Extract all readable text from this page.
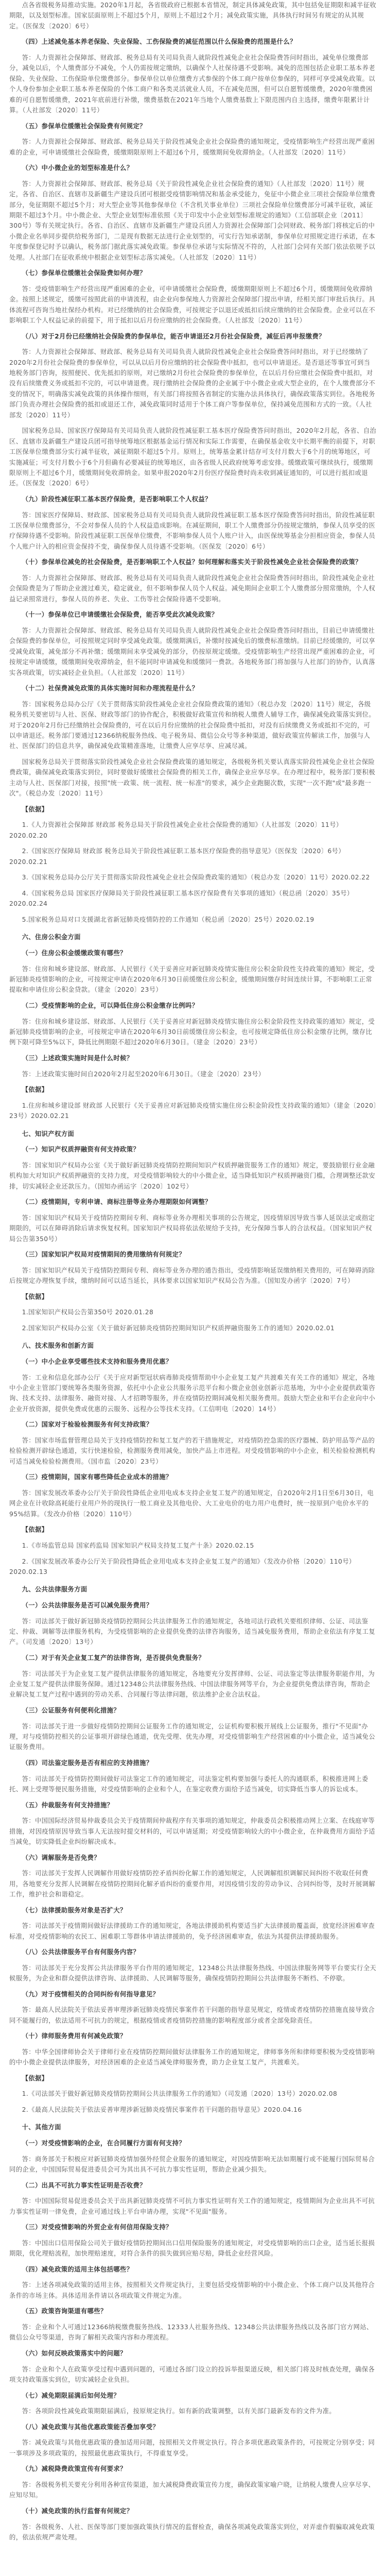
点各省级税务局推动实施。2020年1月起，各省级政府已根据本省情况，制定具体减免政策，其中包括免征期限和减半征收期限，以及划型标准。国家层面原则上不超过5个月，原则上不超过2个月；减免政策实施，具体执行时间另有规定的从其规定。（医保发〔2020〕6号）

（四）上述减免基本养老保险、失业保险、工伤保险费的减征范围以什么保险费的范围是什么？

答：人力资源社会保障部、财政部、税务总局有关司局负责人就阶段性减免企业社会保险费答问时指出，减免单位缴费部分，减免以后，个人缴费部分不减免，个人仍需按规定缴纳，以确保个人社保待遇不受影响。减免的范围包括企业职工基本养老保险、失业保险、工伤保险单位缴费部分。参保单位以单位缴费方式参保的个体工商户按单位参保的，同样可享受减免政策。以个人身份参加企业职工基本养老保险的个体工商户和各类灵活就业人员，不在减免范围，但可以自愿暂缓缴费，2020年缴费困难的可自愿暂缓缴费，2021年底前进行补缴，缴费基数在2021年当地个人缴费基数上下限范围内自主选择，缴费年限累计计算。（人社部发〔2020〕11号）

（五）参保单位缓缴社会保险费有何规定？

答：人力资源社会保障部、财政部、税务总局关于阶段性减免企业社会保险费的通知规定，受疫情影响生产经营出现严重困难的企业，可申请缓缴社会保险费，缓缴期限原则上不超过6个月，缓缴期间免收滞纳金。（人社部发〔2020〕11号）

（六）中小微企业的划型标准是什么？

答：人力资源社会保障部、财政部、税务总局《关于阶段性减免企业社会保险费的通知》（人社部发〔2020〕11号）规定，各省、自治区、直辖市及新疆生产建设兵团可根据受疫情影响情况和基金承受能力，免征中小微企业三项社会保险单位缴费部分，免征期限不超过5个月；对大型企业等其他参保单位（不含机关事业单位）三项社会保险单位缴费部分可减半征收，减征期限不超过3个月。中小微企业、大型企业划型标准依照《关于印发中小企业划型标准规定的通知》（工信部联企业〔2011〕300号）等有关规定执行。各省、自治区、直辖市及新疆生产建设兵团人力资源社会保障部门会同财政、税务部门将核定后的中小微企业名单同步提供给税务部门，二是现有数据无法进行企业划型的，可实行告知承诺制，参保单位对照规定进行承诺，在本年度参保登记时予以确认，税务部门据此落实减免政策。参保单位承诺与实际情况不符的，人社部门会同有关部门依法依规予以处理。人社部门在征收系统中根据企业划型标志落实减免。（人社部发〔2020〕11号）

（七）参保单位缓缴社会保险费如何办理？

答：受疫情影响生产经营出现严重困难的企业，可申请缓缴社会保险费，缓缴期限原则上不超过6个月，缓缴期间免收滞纳金。按照上述规定，缓缴可按照此前的申请流程，由企业向参保地人力资源社会保障部门提出申请，经相关部门审批后执行。具体流程可咨询当地社保经办机构。对已经缴纳的社会保险费，可按规定予以退还或抵扣后续应缴纳的社会保险费。企业可以在不影响职工个人权益记录的前提下，用于抵扣以后月份应缴纳的社会保险费。（人社部发〔2020〕11号）

（八）对于2月份已经缴纳社会保险费的参保单位，能否申请退还2月份社会保险费，减征后再申报缴费？

答：人力资源社会保障部、财政部、税务总局有关司局负责人就阶段性减免企业社会保险费答问时指出，对于已经缴纳了2020年2月份社会保险费的参保单位，可以从以后月份应缴纳的社会保险费中抵扣，也可以申请退还。是否退还等事宜可到当地税务部门咨询，按照便民、优先抵扣的原则，对已缴纳2月份社会保险费的参保单位，在以后月份应缴社会保险费中抵扣，对没有后续缴费义务或抵扣不完的，可以申请退费。现行缴纳社会保险费的企业属于中小微企业或大型企业的，在个人缴费部分不变的情况下，明确落实减免政策的具体操作细则，有关部门将按照各省制定的实施办法具体执行，确保政策落实到位。各地税务部门负责办理社会保险费的抵扣或退还工作，减免政策同时适用于个体工商户等参保单位，保持减免范围和方式的一致。（人社部发〔2020〕11号）

国家税务总局、国家医疗保障局有关司局负责人就阶段性减征职工基本医疗保险费答问时指出，2020年2月起，各省、自治区、直辖市及新疆生产建设兵团可指导统筹地区根据基金运行情况和实际工作需要，在确保基金收支中长期平衡的前提下，对职工医保单位缴费部分实行减半征收，减征期限不超过5个月。原则上，统筹基金累计结存可支付月数大于6个月的统筹地区，可实施减征；可支付月数小于6个月但确有必要减征的统筹地区，由各省级人民政府统筹考虑安排。缓缴政策可继续执行，缓缴期限原则上不超过6个月，缓缴期间免收滞纳金。如果申报2020年2月份医疗保险费时尚未收到减征通知的，可以进行抵扣或退还。（医保发〔2020〕6号）

（九）阶段性减征职工基本医疗保险费，是否影响职工个人权益？

答：国家医疗保障局、财政部、国家税务总局有关司局负责人就阶段性减征职工基本医疗保险费答问时指出，阶段性减征职工医保单位缴费部分，不会对参保人员的个人权益造成影响。在减征期间，职工个人缴费部分仍按规定缴纳，参保人员享受的医疗保障待遇不受影响。阶段性减征职工医保单位缴费，不影响参保人员个人账户计入，由医保统筹基金分担相应资金，参保人员个人账户计入的相应资金保持不变，确保参保人员待遇不受影响。（医保发〔2020〕6号）

（十）参保单位减免的社会保险费，是否影响职工个人权益？如何理解和落实关于阶段性减免企业社会保险费的政策？

答：人力资源社会保障部、财政部、税务总局有关司局负责人就阶段性减免企业社会保险费答问时指出，阶段性减免企业社会保险费是为了帮助企业渡过难关，稳定就业，但不影响参保人员个人权益。减免期间企业职工个人缴费部分照常缴纳，个人权益记录照常进行，参保人员的养老、失业、工伤等社会保险待遇不受影响。

（十一）参保单位已申请缓缴社会保险费，能否享受此次减免政策？

答：人力资源社会保障部、财政部、税务总局有关司局负责人就阶段性减免企业社会保险费答问时指出，目前已申请缓缴社会保险费的参保单位，可按照规定同时享受减免政策。缓缴期满后，补缴时按减免后的缴费标准缴纳。目前已经缓缴的，可以享受减免政策，减免部分不再补缴；缓缴期间未享受减免的部分，仍按原规定缓缴。受疫情影响生产经营出现严重困难的企业，可按规定申请缓缴，缓缴期间免收滞纳金，但不能同时申请减免和缓缴同一费款。各地税务部门将加强与人社部门的协作，认真落实各项政策，切实减轻企业负担。（人社部发〔2020〕11号）

（十二）社保费减免政策的具体实施时间和办理流程是什么？

答：国家税务总局办公厅《关于贯彻落实阶段性减免企业社会保险费政策的通知》（税总办发〔2020〕11号）规定，各级税务机关要密切与人社、医保、财政等部门的协作配合，积极做好政策宣传和纳税人缴费人辅导工作，确保减免政策落实到位。对于2020年2月份已经缴纳社会保险费的，可在以后月份应缴纳的社会保险费中抵扣，对没有后续缴费义务或抵扣不完的，可以申请退还。税务部门要通过12366纳税服务热线、电子税务局、微信公众号等多种渠道，做好政策宣传解读工作，加强与人社、医保部门的信息共享，确保减免政策精准落地，让缴费人应享尽享、应减尽减。

国家税务总局关于贯彻落实阶段性减免企业社会保险费政策的通知规定，各级税务机关要认真落实阶段性减免企业社会保险费政策，确保减免政策落实到位，同时要做好缓缴社会保险费的相关工作，确保企业应享尽享。在办理过程中，税务部门要积极主动与人社、医保部门对接，按照"统一政策、统一流程、统一标准"的要求，减少企业跑腿次数，实现"一次不跑"或"最多跑一次"。（税总办发〔2020〕11号）

【依据】

1.《人力资源社会保障部 财政部 税务总局关于阶段性减免企业社会保险费的通知》（人社部发〔2020〕11号）2020.02.20

2.《国家医疗保障局 财政部 税务总局关于阶段性减征职工基本医疗保险费的指导意见》（医保发〔2020〕6号）2020.02.21

3.《国家税务总局办公厅关于贯彻落实阶段性减免企业社会保险费政策的通知》（税总办发〔2020〕11号）2020.02.22

4.《国家税务总局 国家医疗保障局关于阶段性减征职工基本医疗保险费有关事项的通知》（税总函〔2020〕35号）2020.02.24

5.国家税务总局对口支援湖北省新冠肺炎疫情防控的工作通知（税总函〔2020〕25号）2020.02.19

六、住房公积金方面

（一）住房公积金缓缴政策有哪些？

答：住房和城乡建设部、财政部、人民银行《关于妥善应对新冠肺炎疫情实施住房公积金阶段性支持政策的通知》规定，受新冠肺炎疫情影响的企业，可按规定申请在2020年6月30日前缓缴住房公积金，缓缴期间缴存时间连续计算，不影响职工正常提取和申请住房公积金贷款。（建金〔2020〕23号）

（二）受疫情影响的企业，可以降低住房公积金缴存比例吗？

答：住房和城乡建设部、财政部、人民银行《关于妥善应对新冠肺炎疫情实施住房公积金阶段性支持政策的通知》规定，受新冠肺炎疫情影响的企业，可按规定申请在2020年6月30日前缓缴住房公积金，也可按规定降低住房公积金缴存比例，缴存比例下限可降至5%以下，降低比例期限不超过2020年6月30日。（建金〔2020〕23号）

（三）上述政策实施时间是什么时候？

答：上述政策实施时间自2020年2月起至2020年6月30日。（建金〔2020〕23号）

【依据】

1.住房和城乡建设部 财政部 人民银行《关于妥善应对新冠肺炎疫情实施住房公积金阶段性支持政策的通知》（建金〔2020〕23号）2020.02.21

七、知识产权方面

（一）知识产权质押融资有何支持政策？

答：国家知识产权局办公室《关于做好新冠肺炎疫情防控期间知识产权质押融资服务工作的通知》规定，要鼓励银行业金融机构加大对知识产权质押融资的支持力度，对受疫情影响较大的中小微企业，适当降低知识产权质押融资门槛，合理调整还款安排，切实减轻企业还款压力。（国知办函运字〔2020〕102号）

（二）疫情期间，专利申请、商标注册等业务办理期限如何调整？

答：国家知识产权局关于疫情防控期间专利、商标等业务办理相关事项的公告规定，因疫情原因导致当事人延误法定或指定期限的，可以在障碍消除后请求恢复权利。国家知识产权局将依法依规给予支持，充分保障当事人的合法权益。（国家知识产权局公告第350号）

（三）国家知识产权局对疫情期间的费用缴纳有何规定？

答：国家知识产权局关于疫情防控期间专利、商标等业务办理的通告指出，受疫情影响延误缴纳相关费用的，可在障碍消除后按规定办理恢复手续，缴纳时间可以适当延长，具体要求以国家知识产权局公告为准。（国知发办函字〔2020〕7号）

【依据】

1.国家知识产权局公告第350号 2020.01.28

2.国家知识产权局办公室《关于做好新冠肺炎疫情防控期间知识产权质押融资服务工作的通知》2020.02.01

八、技术服务和创新方面

（一）中小企业享受哪些技术支持和服务费用优惠？

答：工业和信息化部办公厅《关于应对新型冠状病毒肺炎疫情帮助中小企业复工复产共渡难关有关工作的通知》规定，各地中小企业主管部门要统筹各类服务资源，依托中小企业公共服务示范平台和小微企业创业创新示范基地，为中小企业提供政策咨询、技术支持、法律服务、融资对接、人才招聘等服务，并在疫情防控期间减免相关服务费用。鼓励大型企业和平台企业向中小企业开放资源，提供免费或优惠的云服务、远程办公等技术支持。（工信明电〔2020〕14号）

（二）国家对于检验检测服务有何支持政策？

答：国家市场监督管理总局关于支持疫情防控和复工复产的若干措施规定，对疫情防控急需的医疗器械、防护用品等产品的检验检测开辟绿色通道，实行快速检验，检测服务费用减免，加快产品上市进程。对受疫情影响的中小企业，相关检验检测机构可适当减免检验检测费用。（国市监〔2020〕23号）

（三）疫情期间，国家有哪些降低企业成本的措施？

答：国家发展改革委办公厅关于阶段性降低企业用电成本支持企业复工复产的通知规定，自2020年2月1日至6月30日，电网企业在计收除高耗能行业用户外的现执行一般工商业及其他电价、大工业电价的电力用户电费时，统一按原到户电价水平的95%结算。（发改办价格〔2020〕110号）

【依据】

1.《市场监管总局 国家药监局 国家知识产权局支持复工复产十条》2020.02.15

2.《国家发展改革委办公厅关于阶段性降低企业用电成本支持企业复工复产的通知》（发改办价格〔2020〕110号）2020.02.13

九、公共法律服务方面

（一）公共法律服务是否可以减免服务费用？

答：司法部关于做好新冠肺炎疫情防控期间公共法律服务工作的通知规定，各地司法行政机关要组织律师、公证、司法鉴定、仲裁、调解等法律服务机构，为受疫情影响的企业提供免费的法律咨询服务，适当减免服务费用，帮助企业依法有序复工复产。（司发通〔2020〕13号）

（二）对于有关企业复工复产的法律咨询，是否提供免费服务？

答：司法部关于为企业复工复产提供法律服务的通知规定，各地要充分发挥律师、公证、司法鉴定等法律服务职能作用，为企业复工复产提供法律服务保障。通过12348公共法律服务热线、中国法律服务网等平台，为企业提供免费法律咨询，帮助企业解决复工复产过程中遇到的劳动关系、合同履行等法律问题，依法维护企业合法权益。

（三）公证服务有何便利化措施？

答：司法部关于进一步做好疫情防控期间公证服务工作的通知规定，公证机构要积极开展线上公证服务，推行"不见面"办理，对与疫情防控相关的公证事项开辟绿色通道，优先受理、优先办理，对受疫情影响生产经营困难的中小微企业，适当减免公证服务费用。

（四）司法鉴定服务是否有相应的支持措施？

答：司法部关于疫情防控期间做好司法鉴定工作的通知规定，司法鉴定机构要加强与委托人的沟通联系，积极推进网上委托、网上受理等便民服务措施，对受疫情影响的企业和个人，在鉴定收费方面给予适当减免，切实降低当事人的诉讼成本。

（五）仲裁服务有何支持措施？

答：中国国际经济贸易仲裁委员会关于疫情期间仲裁程序有关事项的通知规定，仲裁委员会积极推动网上立案、在线庭审等措施，对因疫情原因导致当事人无法按时提交材料的，可以申请延期；对受疫情影响较大的中小微企业，在仲裁费用方面给予适当减免，切实降低企业纠纷解决成本。

（六）调解服务是否免费？

答：司法部关于发挥人民调解作用做好疫情防控矛盾纠纷化解工作的通知规定，人民调解组织调解民间纠纷不收取任何费用，各地要充分发挥人民调解在疫情防控期间化解矛盾纠纷的重要作用，对因疫情引发的劳动争议、合同纠纷等，及时开展调解工作，维护社会和谐稳定。

（七）法律援助服务对象是否扩大？

答：司法部关于疫情期间做好法律援助工作的通知规定，各地法律援助机构要适当扩大法律援助覆盖面，放宽经济困难审查标准，对受疫情影响的农民工、困难职工等群体申请法律援助的，免予经济困难审查，依法为其提供法律援助服务。

（八）公共法律服务平台有何服务内容？

答：司法部关于充分发挥公共法律服务平台作用的通知规定，12348公共法律服务热线、中国法律服务网等平台要实行全天候服务，为企业和群众提供法律咨询、法律援助、人民调解等服务，确保疫情防控期间公共法律服务不断档、不停歇。

（九）对于疫情相关的合同纠纷有何指导意见？

答：最高人民法院关于依法妥善审理涉新冠肺炎疫情民事案件若干问题的指导意见规定，疫情或者疫情防控措施直接导致合同不能履行的，依法适用不可抗力的规定，根据疫情或者疫情防控措施的影响程度部分或者全部免除责任。

（十）律师服务费用有何减免政策？

答：中华全国律师协会关于律师行业在疫情防控期间做好法律服务工作的通知规定，律师事务所和律师要积极为受疫情影响的中小微企业提供法律服务，对经济困难的企业适当减免律师服务费，助力企业复工复产，共渡难关。

【依据】

1.《司法部关于做好新冠肺炎疫情防控期间公共法律服务工作的通知》（司发通〔2020〕13号）2020.02.08

2.《最高人民法院关于依法妥善审理涉新冠肺炎疫情民事案件若干问题的指导意见》2020.04.16

十、其他方面

（一）对受疫情影响的企业，在合同履行方面有何支持？

答：商务部关于积极应对新冠肺炎疫情加强外经贸企业服务的通知规定，对因疫情影响无法如期履行或不能履行国际贸易合同的企业，中国国际贸易促进委员会可为其出具不可抗力事实性证明，帮助企业减少损失。

（二）出具不可抗力事实性证明是否收费？

答：中国国际贸易促进委员会关于出具新冠肺炎疫情不可抗力事实性证明有关工作的通知规定，疫情期间为企业出具不可抗力事实性证明一律免费，企业可通过线上平台申请办理，实现"不见面"服务。

（三）对受疫情影响的外贸企业有何信用保险支持？

答：中国出口信用保险公司关于做好疫情防控期间出口信用保险服务的通知规定，对受疫情影响的出口企业，适当延长报损期限，优化理赔流程，加快理赔速度，对符合条件的损失做到应赔尽赔，降低企业经营风险。

（四）减免政策的适用主体包括哪些？

答：上述各项减免政策的适用主体，按照相关文件规定执行，主要包括受疫情影响的中小微企业、个体工商户以及其他符合条件的市场主体。具体适用条件请以各项政策文件规定为准。

（五）政策咨询渠道有哪些？

答：企业和个人可通过12366纳税缴费服务热线、12333人社服务热线、12348公共法律服务热线以及各部门官方网站、微信公众号等渠道，咨询了解相关政策内容和办理流程。

（六）如何反映政策落实中的问题？

答：企业和个人在政策享受过程中遇到问题的，可通过各部门设立的投诉举报渠道反映，相关部门将及时核查处理，确保各项支持政策落实到位，切实减轻企业负担。

（七）减免期限届满后如何处理？

答：各项阶段性减免政策期限届满后，按原规定执行。如有新的政策调整，以有关部门最新发布的文件为准。

（八）减免政策与其他优惠政策能否叠加享受？

答：减免政策与其他优惠政策的叠加适用问题，按照相关文件规定执行。符合多项优惠政策条件的，可按规定分别享受；同一事项涉及多项政策的，按照最优惠政策执行，不得重复享受。

（九）减税降费政策宣传有何要求？

答：各级税务机关要充分利用各种宣传渠道，加大减税降费政策宣传力度，确保政策家喻户晓，让纳税人缴费人应享尽享、应知尽知。

（十）减免政策的执行监督有何规定？

答：各级税务、人社、医保等部门要加强政策执行情况的监督检查，确保各项减免政策落实到位，对弄虚作假骗取减免政策的，依法依规严肃处理。
